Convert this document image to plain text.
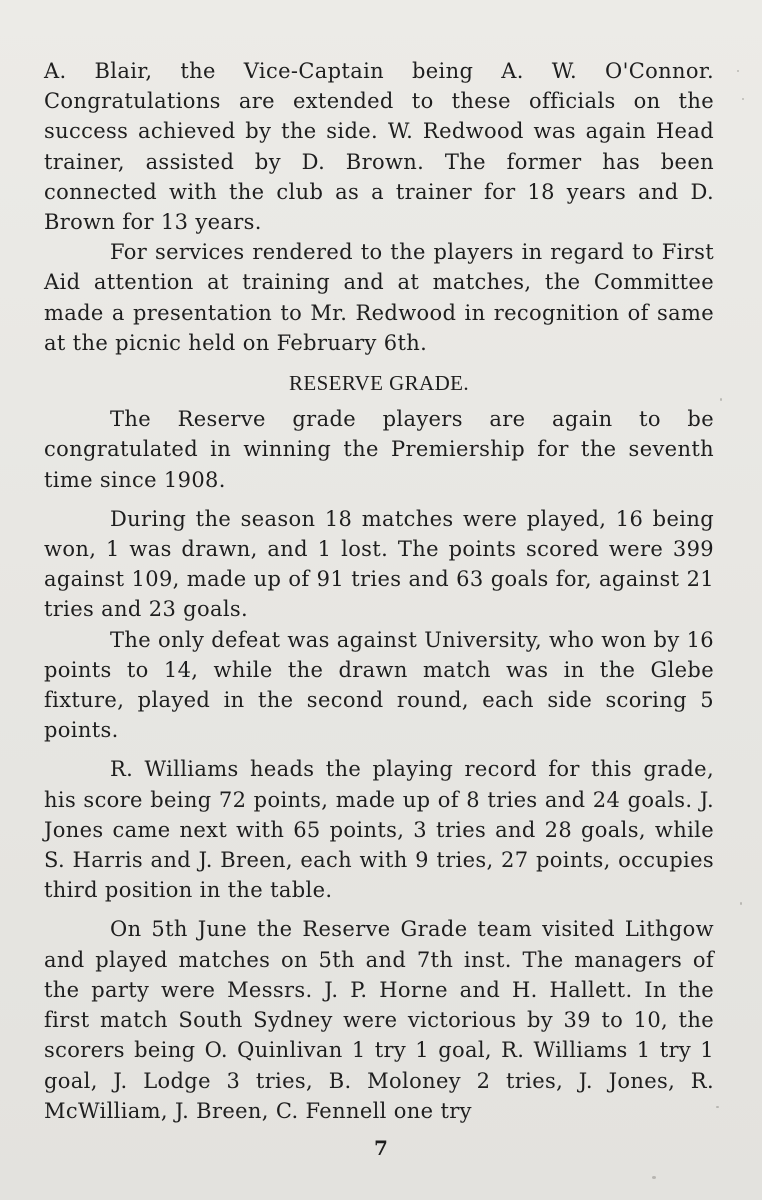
A. Blair, the Vice-Captain being A. W. O'Connor. Congratulations are extended to these officials on the success achieved by the side. W. Redwood was again Head trainer, assisted by D. Brown. The former has been connected with the club as a trainer for 18 years and D. Brown for 13 years.

For services rendered to the players in regard to First Aid attention at training and at matches, the Committee made a presentation to Mr. Redwood in recognition of same at the picnic held on February 6th.

RESERVE GRADE.

The Reserve grade players are again to be congratulated in winning the Premiership for the seventh time since 1908.

During the season 18 matches were played, 16 being won, 1 was drawn, and 1 lost. The points scored were 399 against 109, made up of 91 tries and 63 goals for, against 21 tries and 23 goals.

The only defeat was against University, who won by 16 points to 14, while the drawn match was in the Glebe fixture, played in the second round, each side scoring 5 points.

R. Williams heads the playing record for this grade, his score being 72 points, made up of 8 tries and 24 goals. J. Jones came next with 65 points, 3 tries and 28 goals, while S. Harris and J. Breen, each with 9 tries, 27 points, occupies third position in the table.

On 5th June the Reserve Grade team visited Lithgow and played matches on 5th and 7th inst. The managers of the party were Messrs. J. P. Horne and H. Hallett. In the first match South Sydney were victorious by 39 to 10, the scorers being O. Quinlivan 1 try 1 goal, R. Williams 1 try 1 goal, J. Lodge 3 tries, B. Moloney 2 tries, J. Jones, R. McWilliam, J. Breen, C. Fennell one try

7
